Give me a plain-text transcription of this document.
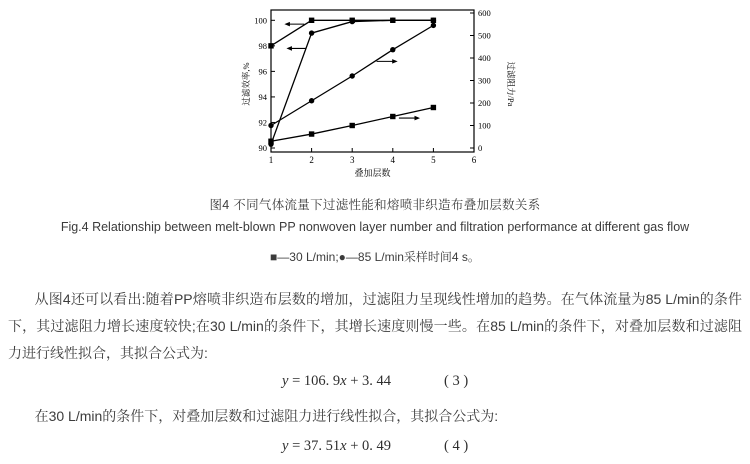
90
92
94
96
98
100
过滤效率,%
0
100
200
300
400
500
600
过滤阻力/Pa
1	2	3	4	5	6
叠加层数
图4 不同气体流量下过滤性能和熔喷非织造布叠加层数关系
Fig.4 Relationship between melt-blown PP nonwoven layer number and filtration performance at different gas flow
■—30 L/min;●—85 L/min采样时间4 s。

从图4还可以看出:随着PP熔喷非织造布层数的增加，过滤阻力呈现线性增加的趋势。在气体流量为85 L/min的条件下，其过滤阻力增长速度较快;在30 L/min的条件下，其增长速度则慢一些。在85 L/min的条件下，对叠加层数和过滤阻力进行线性拟合，其拟合公式为:

y = 106. 9x + 3. 44	( 3 )

在30 L/min的条件下，对叠加层数和过滤阻力进行线性拟合，其拟合公式为:

y = 37. 51x + 0. 49	( 4 )
